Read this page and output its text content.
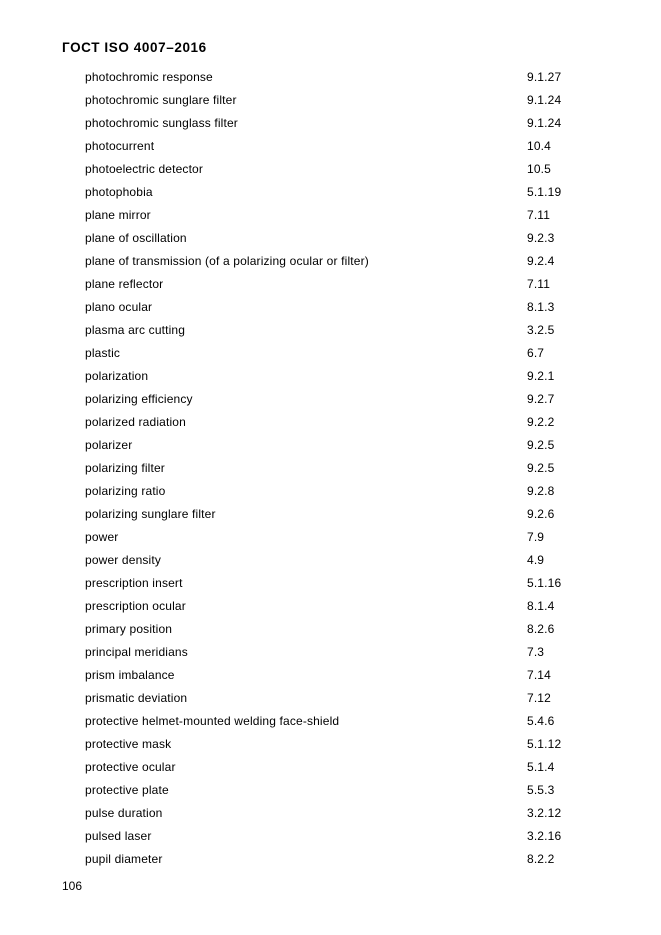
ГОСТ ISO 4007–2016
photochromic response	9.1.27
photochromic sunglare filter	9.1.24
photochromic sunglass filter	9.1.24
photocurrent	10.4
photoelectric detector	10.5
photophobia	5.1.19
plane mirror	7.11
plane of oscillation	9.2.3
plane of transmission (of a polarizing ocular or filter)	9.2.4
plane reflector	7.11
plano ocular	8.1.3
plasma arc cutting	3.2.5
plastic	6.7
polarization	9.2.1
polarizing efficiency	9.2.7
polarized radiation	9.2.2
polarizer	9.2.5
polarizing filter	9.2.5
polarizing ratio	9.2.8
polarizing sunglare filter	9.2.6
power	7.9
power density	4.9
prescription insert	5.1.16
prescription ocular	8.1.4
primary position	8.2.6
principal meridians	7.3
prism imbalance	7.14
prismatic deviation	7.12
protective helmet-mounted welding face-shield	5.4.6
protective mask	5.1.12
protective ocular	5.1.4
protective plate	5.5.3
pulse duration	3.2.12
pulsed laser	3.2.16
pupil diameter	8.2.2
106
